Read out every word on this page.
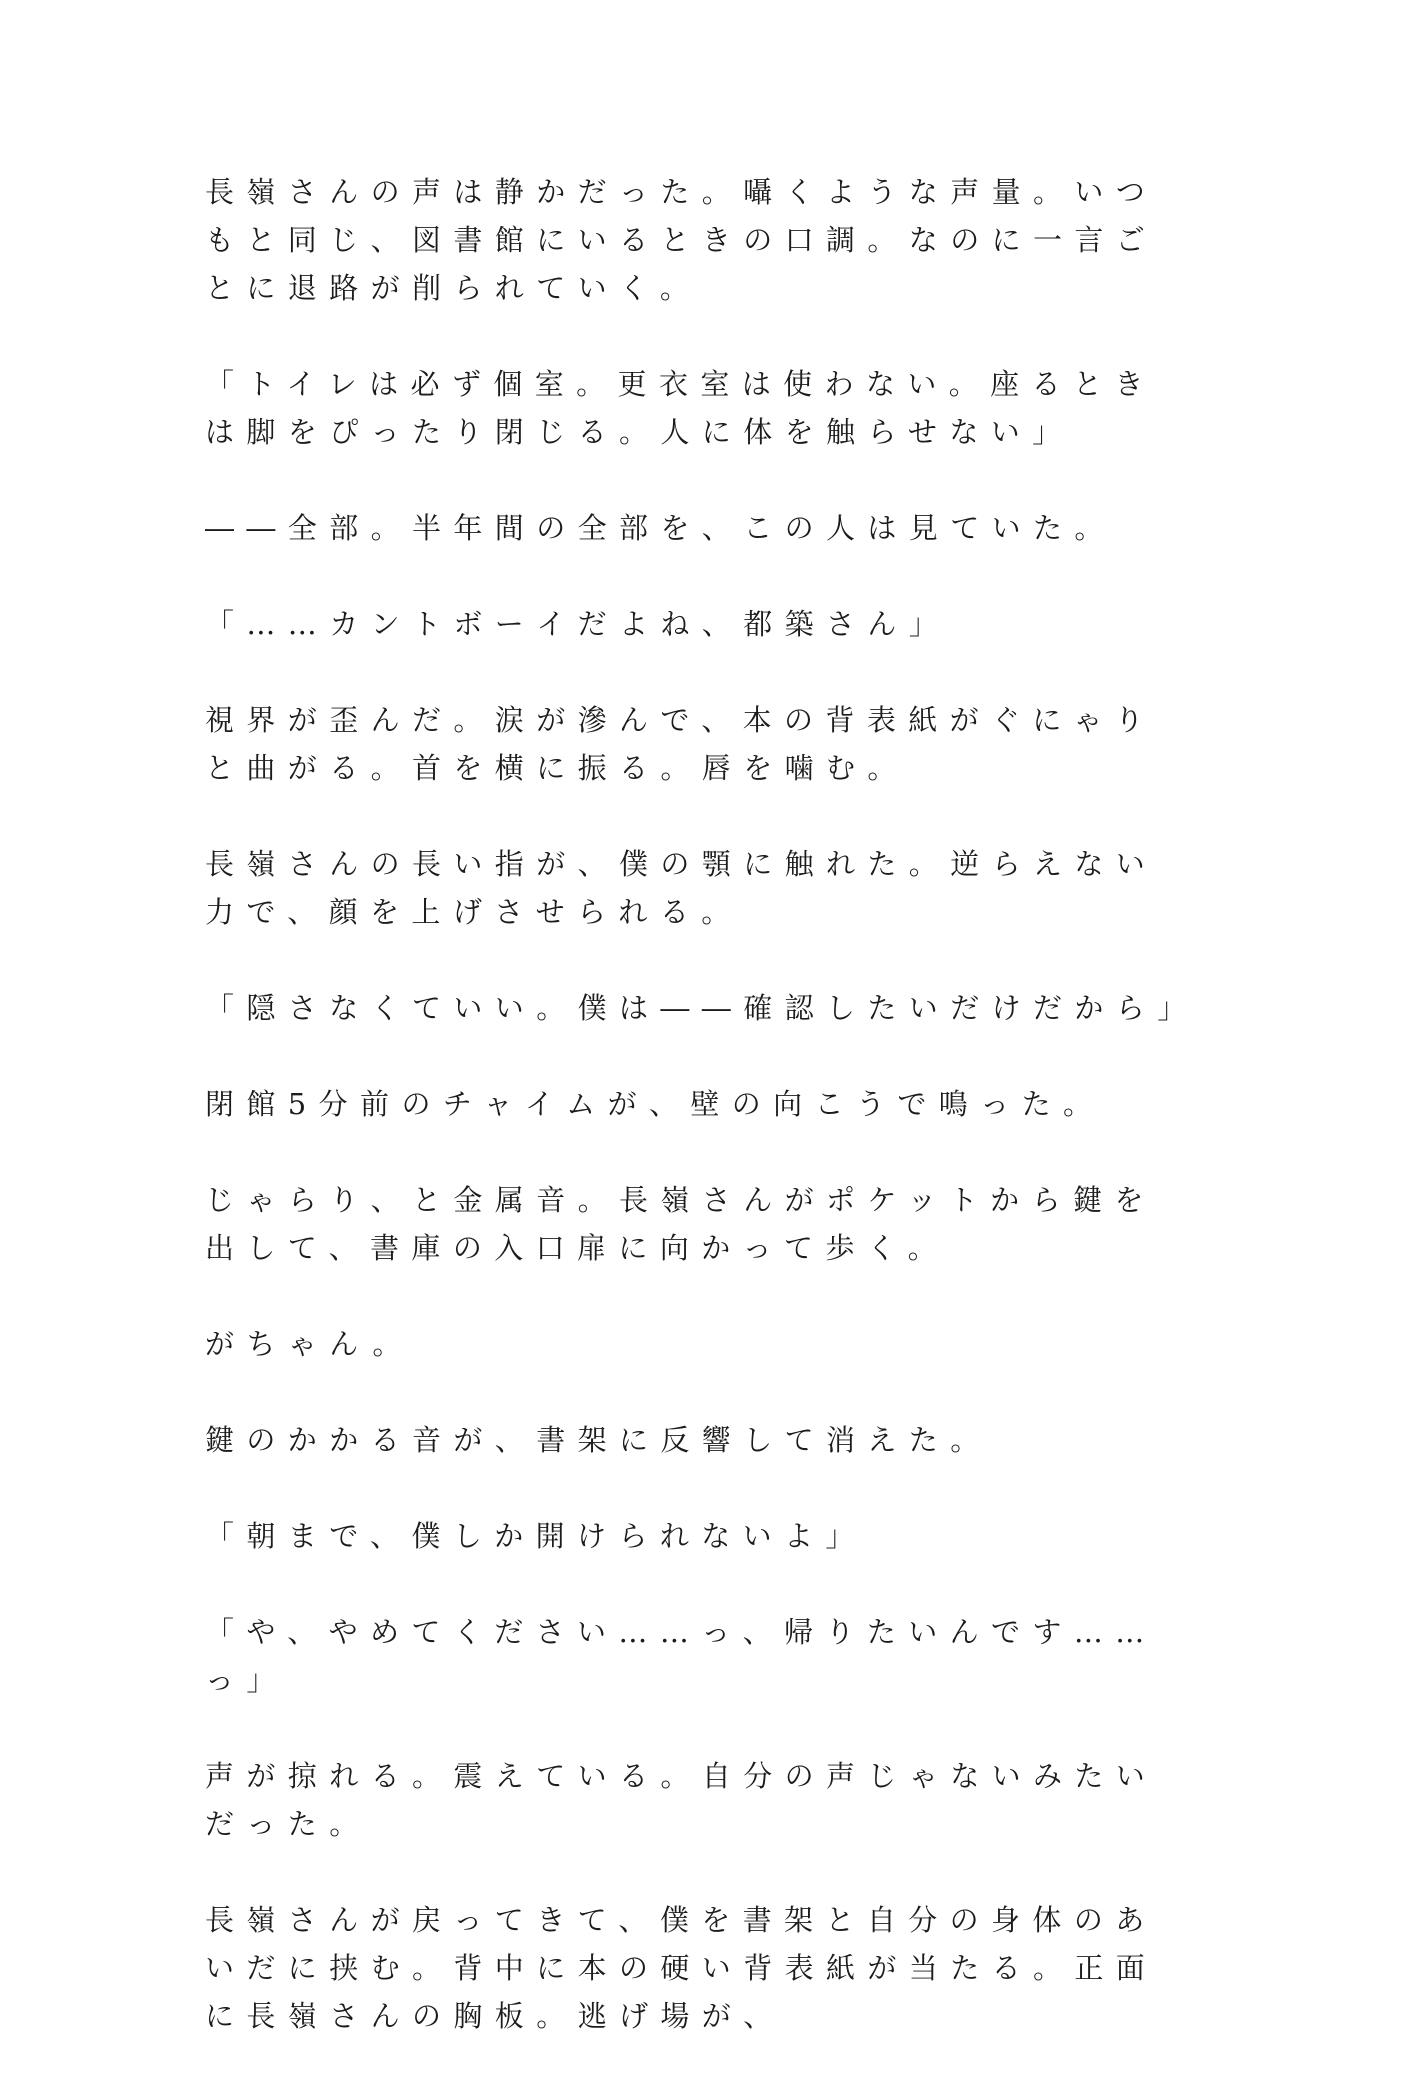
長嶺さんの声は静かだった。囁くような声量。いつもと同じ、図書館にいるときの口調。なのに一言ごとに退路が削られていく。

「トイレは必ず個室。更衣室は使わない。座るときは脚をぴったり閉じる。人に体を触らせない」

――全部。半年間の全部を、この人は見ていた。

「……カントボーイだよね、都築さん」

視界が歪んだ。涙が滲んで、本の背表紙がぐにゃりと曲がる。首を横に振る。唇を噛む。

長嶺さんの長い指が、僕の顎に触れた。逆らえない力で、顔を上げさせられる。

「隠さなくていい。僕は――確認したいだけだから」

閉館5分前のチャイムが、壁の向こうで鳴った。

じゃらり、と金属音。長嶺さんがポケットから鍵を出して、書庫の入口扉に向かって歩く。

がちゃん。

鍵のかかる音が、書架に反響して消えた。

「朝まで、僕しか開けられないよ」

「や、やめてください……っ、帰りたいんです……っ」

声が掠れる。震えている。自分の声じゃないみたいだった。

長嶺さんが戻ってきて、僕を書架と自分の身体のあいだに挟む。背中に本の硬い背表紙が当たる。正面に長嶺さんの胸板。逃げ場が、
